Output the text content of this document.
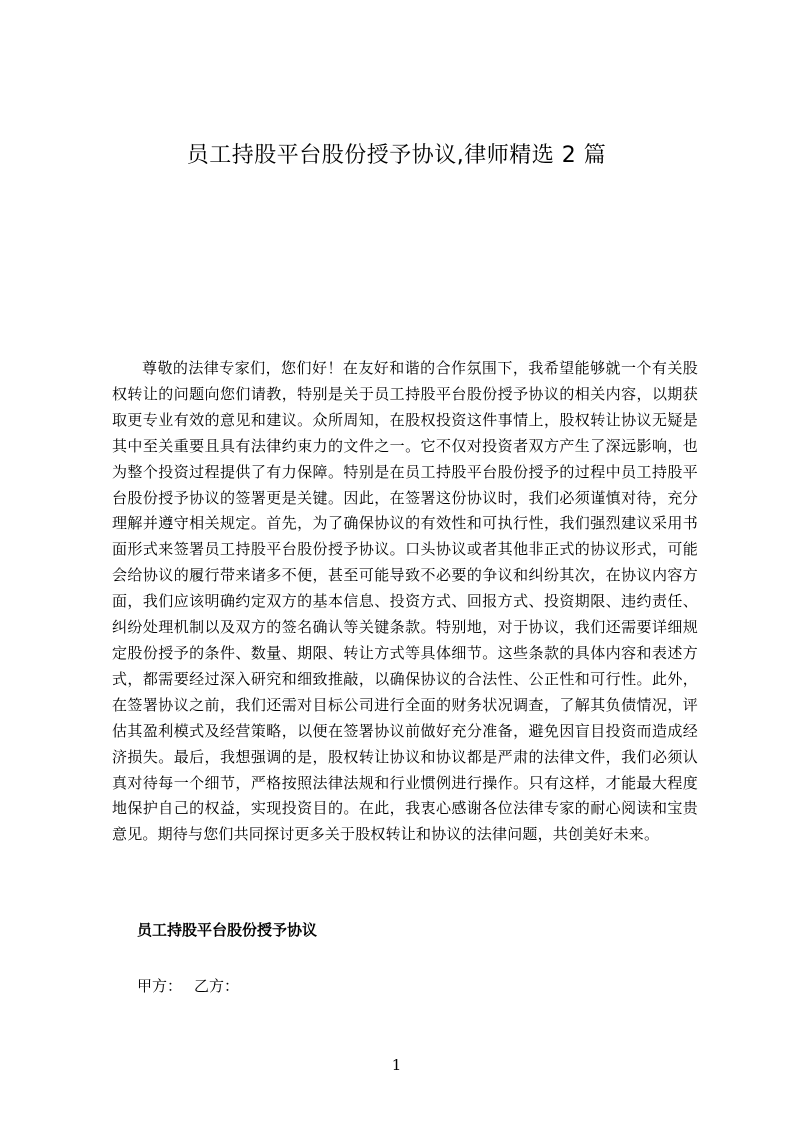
员工持股平台股份授予协议,律师精选 2 篇

尊敬的法律专家们，您们好！在友好和谐的合作氛围下，我希望能够就一个有关股权转让的问题向您们请教，特别是关于员工持股平台股份授予协议的相关内容，以期获取更专业有效的意见和建议。众所周知，在股权投资这件事情上，股权转让协议无疑是其中至关重要且具有法律约束力的文件之一。它不仅对投资者双方产生了深远影响，也为整个投资过程提供了有力保障。特别是在员工持股平台股份授予的过程中员工持股平台股份授予协议的签署更是关键。因此，在签署这份协议时，我们必须谨慎对待，充分理解并遵守相关规定。首先，为了确保协议的有效性和可执行性，我们强烈建议采用书面形式来签署员工持股平台股份授予协议。口头协议或者其他非正式的协议形式，可能会给协议的履行带来诸多不便，甚至可能导致不必要的争议和纠纷其次，在协议内容方面，我们应该明确约定双方的基本信息、投资方式、回报方式、投资期限、违约责任、纠纷处理机制以及双方的签名确认等关键条款。特别地，对于协议，我们还需要详细规定股份授予的条件、数量、期限、转让方式等具体细节。这些条款的具体内容和表述方式，都需要经过深入研究和细致推敲，以确保协议的合法性、公正性和可行性。此外，在签署协议之前，我们还需对目标公司进行全面的财务状况调查，了解其负债情况，评估其盈利模式及经营策略，以便在签署协议前做好充分准备，避免因盲目投资而造成经济损失。最后，我想强调的是，股权转让协议和协议都是严肃的法律文件，我们必须认真对待每一个细节，严格按照法律法规和行业惯例进行操作。只有这样，才能最大程度地保护自己的权益，实现投资目的。在此，我衷心感谢各位法律专家的耐心阅读和宝贵意见。期待与您们共同探讨更多关于股权转让和协议的法律问题，共创美好未来。

员工持股平台股份授予协议
甲方： 乙方：
1
